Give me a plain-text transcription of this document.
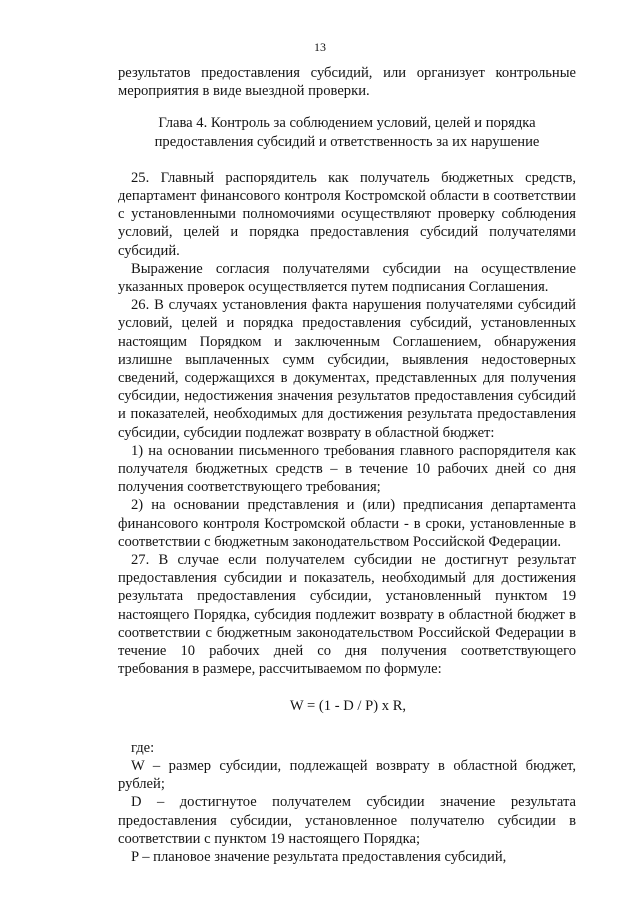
13

результатов предоставления субсидий, или организует контрольные мероприятия в виде выездной проверки.

Глава 4. Контроль за соблюдением условий, целей и порядка
предоставления субсидий и ответственность за их нарушение

25. Главный распорядитель как получатель бюджетных средств, департамент финансового контроля Костромской области в соответствии с установленными полномочиями осуществляют проверку соблюдения условий, целей и порядка предоставления субсидий получателями субсидий.

Выражение согласия получателями субсидии на осуществление указанных проверок осуществляется путем подписания Соглашения.

26. В случаях установления факта нарушения получателями субсидий условий, целей и порядка предоставления субсидий, установленных настоящим Порядком и заключенным Соглашением, обнаружения излишне выплаченных сумм субсидии, выявления недостоверных сведений, содержащихся в документах, представленных для получения субсидии, недостижения значения результатов предоставления субсидий и показателей, необходимых для достижения результата предоставления субсидии, субсидии подлежат возврату в областной бюджет:

1) на основании письменного требования главного распорядителя как получателя бюджетных средств – в течение 10 рабочих дней со дня получения соответствующего требования;

2) на основании представления и (или) предписания департамента финансового контроля Костромской области - в сроки, установленные в соответствии с бюджетным законодательством Российской Федерации.

27. В случае если получателем субсидии не достигнут результат предоставления субсидии и показатель, необходимый для достижения результата предоставления субсидии, установленный пунктом 19 настоящего Порядка, субсидия подлежит возврату в областной бюджет в соответствии с бюджетным законодательством Российской Федерации в течение 10 рабочих дней со дня получения соответствующего требования в размере, рассчитываемом по формуле:

W = (1 - D / P) x R,

где:

W – размер субсидии, подлежащей возврату в областной бюджет, рублей;

D – достигнутое получателем субсидии значение результата предоставления субсидии, установленное получателю субсидии в соответствии с пунктом 19 настоящего Порядка;

P – плановое значение результата предоставления субсидий,
